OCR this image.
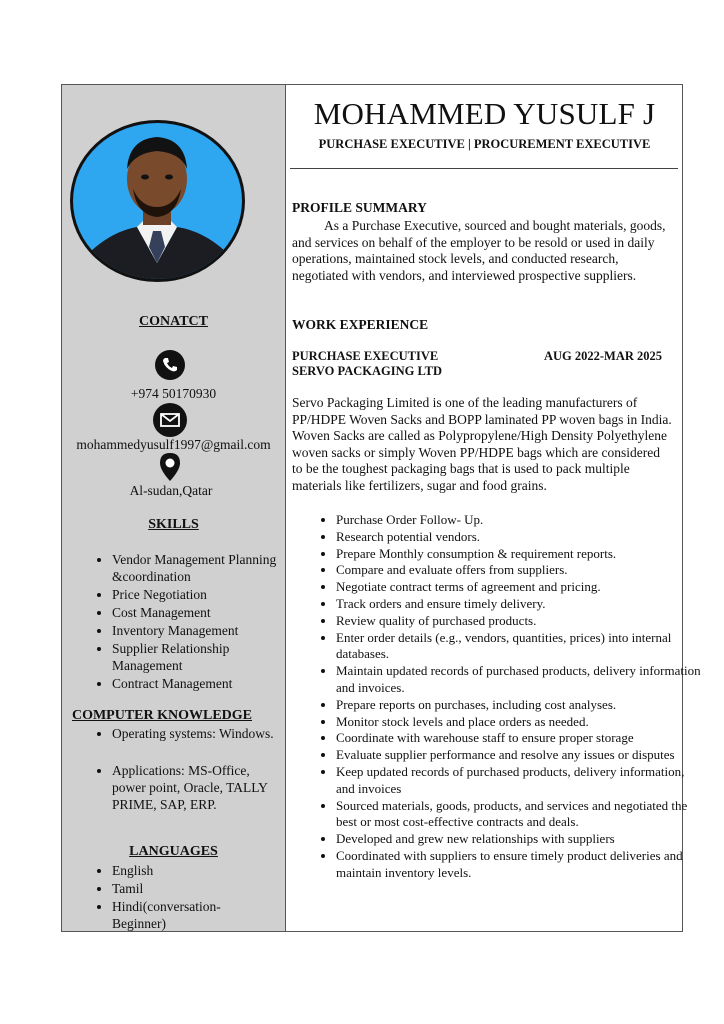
CONATCT
+974 50170930
mohammedyusulf1997@gmail.com
Al-sudan,Qatar
SKILLS
• Vendor Management Planning &coordination
• Price Negotiation
• Cost Management
• Inventory Management
• Supplier Relationship Management
• Contract Management
COMPUTER KNOWLEDGE
• Operating systems: Windows.
• Applications: MS-Office, power point, Oracle, TALLY PRIME, SAP, ERP.
LANGUAGES
• English
• Tamil
• Hindi(conversation-Beginner)
MOHAMMED YUSULF J
PURCHASE EXECUTIVE | PROCUREMENT EXECUTIVE
PROFILE SUMMARY

As a Purchase Executive, sourced and bought materials, goods, and services on behalf of the employer to be resold or used in daily operations, maintained stock levels, and conducted research, negotiated with vendors, and interviewed prospective suppliers.

WORK EXPERIENCE
PURCHASE EXECUTIVE	AUG 2022-MAR 2025
SERVO PACKAGING LTD

Servo Packaging Limited is one of the leading manufacturers of PP/HDPE Woven Sacks and BOPP laminated PP woven bags in India. Woven Sacks are called as Polypropylene/High Density Polyethylene woven sacks or simply Woven PP/HDPE bags which are considered to be the toughest packaging bags that is used to pack multiple materials like fertilizers, sugar and food grains.

• Purchase Order Follow- Up.
• Research potential vendors.
• Prepare Monthly consumption & requirement reports.
• Compare and evaluate offers from suppliers.
• Negotiate contract terms of agreement and pricing.
• Track orders and ensure timely delivery.
• Review quality of purchased products.
• Enter order details (e.g., vendors, quantities, prices) into internal databases.
• Maintain updated records of purchased products, delivery information and invoices.
• Prepare reports on purchases, including cost analyses.
• Monitor stock levels and place orders as needed.
• Coordinate with warehouse staff to ensure proper storage
• Evaluate supplier performance and resolve any issues or disputes
• Keep updated records of purchased products, delivery information, and invoices
• Sourced materials, goods, products, and services and negotiated the best or most cost-effective contracts and deals.
• Developed and grew new relationships with suppliers
• Coordinated with suppliers to ensure timely product deliveries and maintain inventory levels.
